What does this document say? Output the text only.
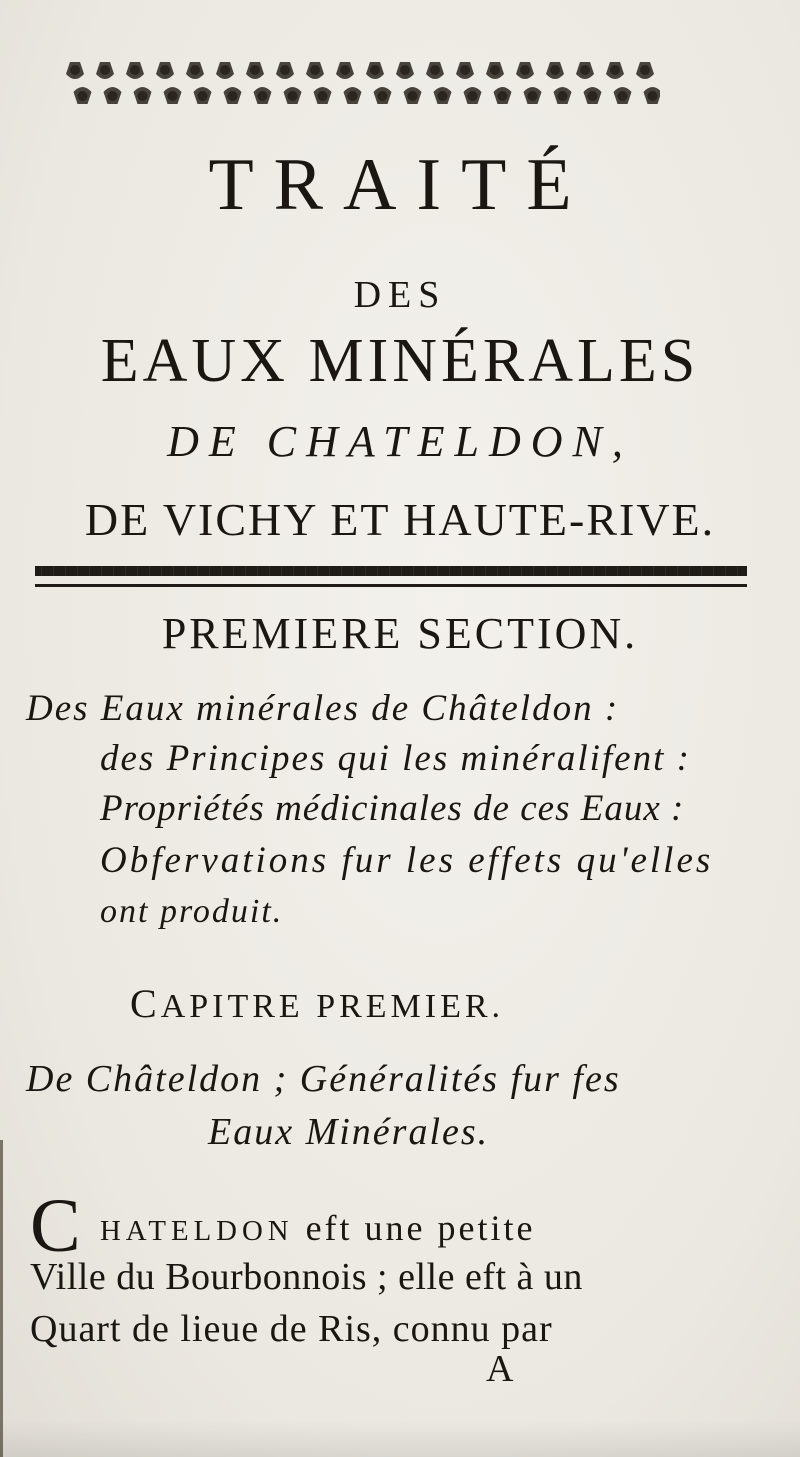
TRAITÉ
DES
EAUX MINÉRALES
DE CHATELDON,
DE VICHY ET HAUTE-RIVE.
PREMIERE SECTION.
Des Eaux minérales de Châteldon :
des Principes qui les minéralifent :
Propriétés médicinales de ces Eaux :
Obfervations fur les effets qu'elles
ont produit.
CAPITRE PREMIER.
De Châteldon ; Généralités fur fes
Eaux Minérales.
C HATELDON eft une petite
Ville du Bourbonnois ; elle eft à un
Quart de lieue de Ris, connu par
A
